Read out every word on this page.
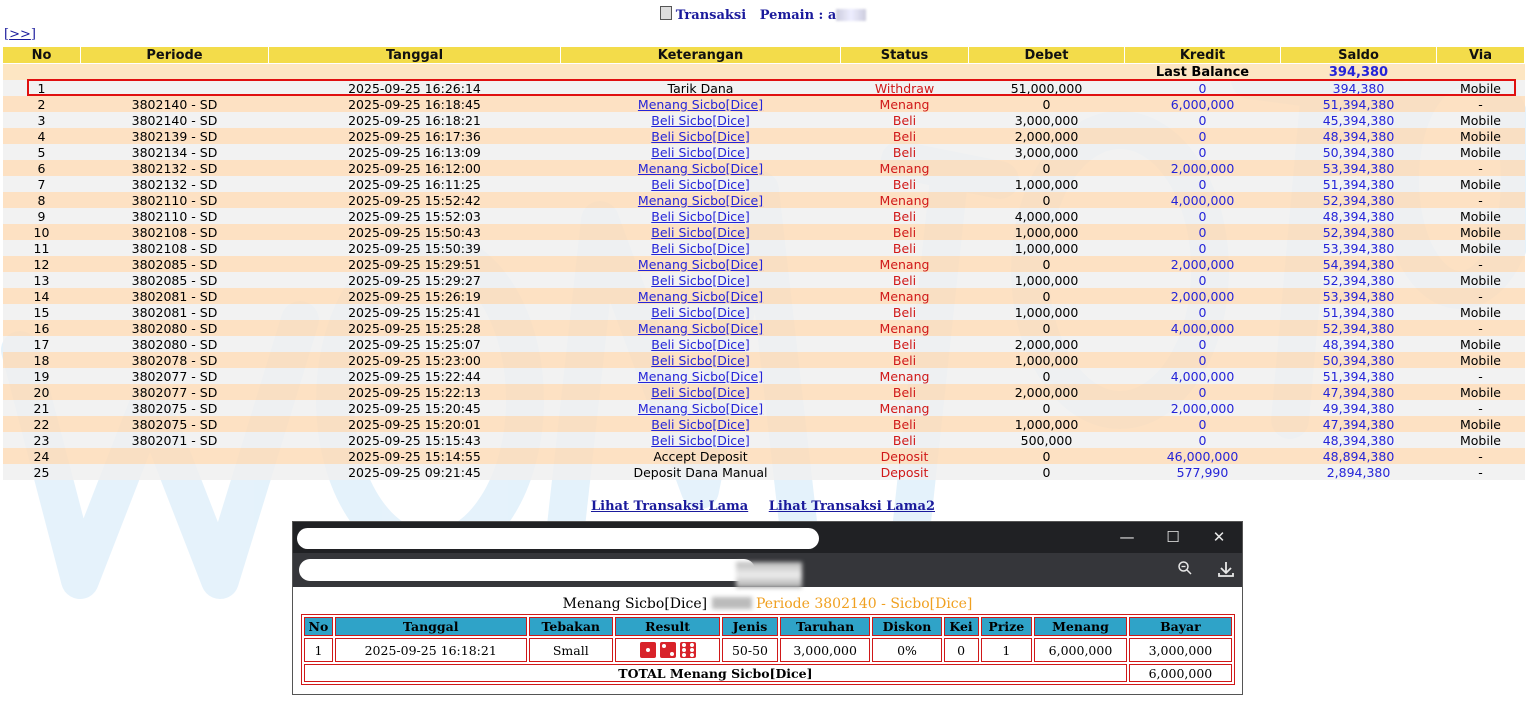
Transaksi Pemain : a
[>>]
No	Periode	Tanggal	Keterangan	Status	Debet	Kredit	Saldo	Via
						Last Balance	394,380	
1		2025-09-25 16:26:14	Tarik Dana	Withdraw	51,000,000	0	394,380	Mobile
2	3802140 - SD	2025-09-25 16:18:45	Menang Sicbo[Dice]	Menang	0	6,000,000	51,394,380	-
3	3802140 - SD	2025-09-25 16:18:21	Beli Sicbo[Dice]	Beli	3,000,000	0	45,394,380	Mobile
4	3802139 - SD	2025-09-25 16:17:36	Beli Sicbo[Dice]	Beli	2,000,000	0	48,394,380	Mobile
5	3802134 - SD	2025-09-25 16:13:09	Beli Sicbo[Dice]	Beli	3,000,000	0	50,394,380	Mobile
6	3802132 - SD	2025-09-25 16:12:00	Menang Sicbo[Dice]	Menang	0	2,000,000	53,394,380	-
7	3802132 - SD	2025-09-25 16:11:25	Beli Sicbo[Dice]	Beli	1,000,000	0	51,394,380	Mobile
8	3802110 - SD	2025-09-25 15:52:42	Menang Sicbo[Dice]	Menang	0	4,000,000	52,394,380	-
9	3802110 - SD	2025-09-25 15:52:03	Beli Sicbo[Dice]	Beli	4,000,000	0	48,394,380	Mobile
10	3802108 - SD	2025-09-25 15:50:43	Beli Sicbo[Dice]	Beli	1,000,000	0	52,394,380	Mobile
11	3802108 - SD	2025-09-25 15:50:39	Beli Sicbo[Dice]	Beli	1,000,000	0	53,394,380	Mobile
12	3802085 - SD	2025-09-25 15:29:51	Menang Sicbo[Dice]	Menang	0	2,000,000	54,394,380	-
13	3802085 - SD	2025-09-25 15:29:27	Beli Sicbo[Dice]	Beli	1,000,000	0	52,394,380	Mobile
14	3802081 - SD	2025-09-25 15:26:19	Menang Sicbo[Dice]	Menang	0	2,000,000	53,394,380	-
15	3802081 - SD	2025-09-25 15:25:41	Beli Sicbo[Dice]	Beli	1,000,000	0	51,394,380	Mobile
16	3802080 - SD	2025-09-25 15:25:28	Menang Sicbo[Dice]	Menang	0	4,000,000	52,394,380	-
17	3802080 - SD	2025-09-25 15:25:07	Beli Sicbo[Dice]	Beli	2,000,000	0	48,394,380	Mobile
18	3802078 - SD	2025-09-25 15:23:00	Beli Sicbo[Dice]	Beli	1,000,000	0	50,394,380	Mobile
19	3802077 - SD	2025-09-25 15:22:44	Menang Sicbo[Dice]	Menang	0	4,000,000	51,394,380	-
20	3802077 - SD	2025-09-25 15:22:13	Beli Sicbo[Dice]	Beli	2,000,000	0	47,394,380	Mobile
21	3802075 - SD	2025-09-25 15:20:45	Menang Sicbo[Dice]	Menang	0	2,000,000	49,394,380	-
22	3802075 - SD	2025-09-25 15:20:01	Beli Sicbo[Dice]	Beli	1,000,000	0	47,394,380	Mobile
23	3802071 - SD	2025-09-25 15:15:43	Beli Sicbo[Dice]	Beli	500,000	0	48,394,380	Mobile
24		2025-09-25 15:14:55	Accept Deposit	Deposit	0	46,000,000	48,894,380	-
25		2025-09-25 09:21:45	Deposit Dana Manual	Deposit	0	577,990	2,894,380	-
Lihat Transaksi Lama Lihat Transaksi Lama2
—	☐	✕
Menang Sicbo[Dice]	Periode 3802140 - Sicbo[Dice]
No	Tanggal	Tebakan	Result	Jenis	Taruhan	Diskon	Kei	Prize	Menang	Bayar
1	2025-09-25 16:18:21	Small		50-50	3,000,000	0%	0	1	6,000,000	3,000,000
TOTAL Menang Sicbo[Dice]										6,000,000
